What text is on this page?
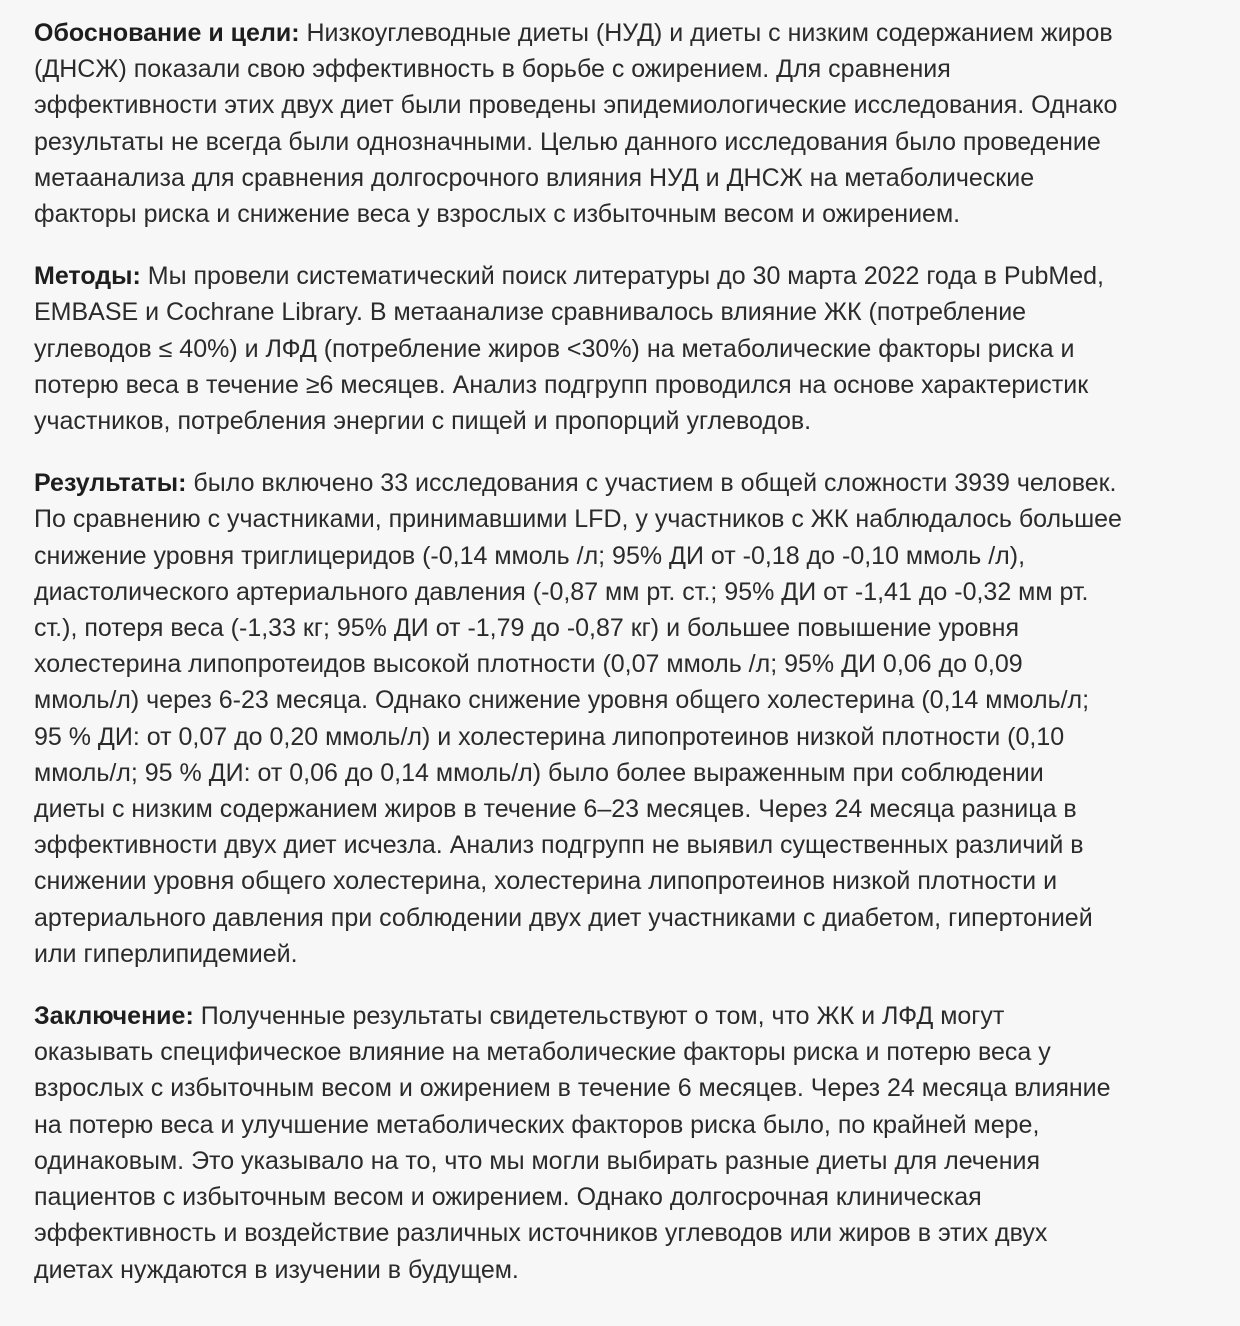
Обоснование и цели: Низкоуглеводные диеты (НУД) и диеты с низким содержанием жиров
(ДНСЖ) показали свою эффективность в борьбе с ожирением. Для сравнения
эффективности этих двух диет были проведены эпидемиологические исследования. Однако
результаты не всегда были однозначными. Целью данного исследования было проведение
метаанализа для сравнения долгосрочного влияния НУД и ДНСЖ на метаболические
факторы риска и снижение веса у взрослых с избыточным весом и ожирением.

Методы: Мы провели систематический поиск литературы до 30 марта 2022 года в PubMed,
EMBASE и Cochrane Library. В метаанализе сравнивалось влияние ЖК (потребление
углеводов ≤ 40%) и ЛФД (потребление жиров <30%) на метаболические факторы риска и
потерю веса в течение ≥6 месяцев. Анализ подгрупп проводился на основе характеристик
участников, потребления энергии с пищей и пропорций углеводов.

Результаты: было включено 33 исследования с участием в общей сложности 3939 человек.
По сравнению с участниками, принимавшими LFD, у участников с ЖК наблюдалось большее
снижение уровня триглицеридов (-0,14 ммоль /л; 95% ДИ от -0,18 до -0,10 ммоль /л),
диастолического артериального давления (-0,87 мм рт. ст.; 95% ДИ от -1,41 до -0,32 мм рт.
ст.), потеря веса (-1,33 кг; 95% ДИ от -1,79 до -0,87 кг) и большее повышение уровня
холестерина липопротеидов высокой плотности (0,07 ммоль /л; 95% ДИ 0,06 до 0,09
ммоль/л) через 6-23 месяца. Однако снижение уровня общего холестерина (0,14 ммоль/л;
95 % ДИ: от 0,07 до 0,20 ммоль/л) и холестерина липопротеинов низкой плотности (0,10
ммоль/л; 95 % ДИ: от 0,06 до 0,14 ммоль/л) было более выраженным при соблюдении
диеты с низким содержанием жиров в течение 6–23 месяцев. Через 24 месяца разница в
эффективности двух диет исчезла. Анализ подгрупп не выявил существенных различий в
снижении уровня общего холестерина, холестерина липопротеинов низкой плотности и
артериального давления при соблюдении двух диет участниками с диабетом, гипертонией
или гиперлипидемией.

Заключение: Полученные результаты свидетельствуют о том, что ЖК и ЛФД могут
оказывать специфическое влияние на метаболические факторы риска и потерю веса у
взрослых с избыточным весом и ожирением в течение 6 месяцев. Через 24 месяца влияние
на потерю веса и улучшение метаболических факторов риска было, по крайней мере,
одинаковым. Это указывало на то, что мы могли выбирать разные диеты для лечения
пациентов с избыточным весом и ожирением. Однако долгосрочная клиническая
эффективность и воздействие различных источников углеводов или жиров в этих двух
диетах нуждаются в изучении в будущем.
